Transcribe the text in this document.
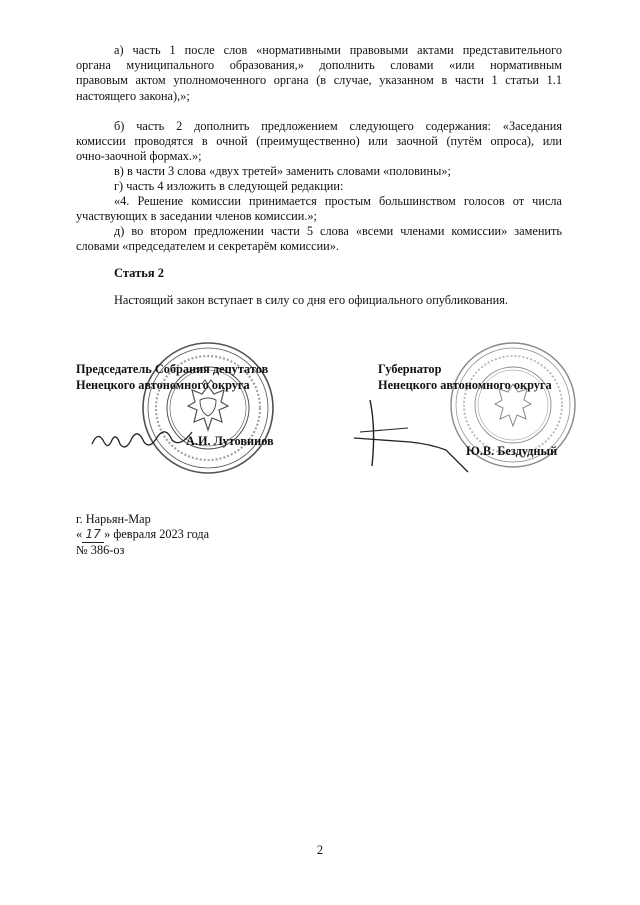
а) часть 1 после слов «нормативными правовыми актами представительного
органа муниципального образования,» дополнить словами «или нормативным
правовым актом уполномоченного органа (в случае, указанном в части 1 статьи 1.1
настоящего закона),»;
б) часть 2 дополнить предложением следующего содержания: «Заседания
комиссии проводятся в очной (преимущественно) или заочной (путём опроса), или
очно-заочной формах.»;
в) в части 3 слова «двух третей» заменить словами «половины»;
г) часть 4 изложить в следующей редакции:
«4. Решение комиссии принимается простым большинством голосов от числа
участвующих в заседании членов комиссии.»;
д) во втором предложении части 5 слова «всеми членами комиссии» заменить
словами «председателем и секретарём комиссии».
Статья 2
Настоящий закон вступает в силу со дня его официального опубликования.
Председатель Собрания депутатов
Ненецкого автономного округа
А.И. Лутовинов
Губернатор
Ненецкого автономного округа
Ю.В. Бездудный
г. Нарьян-Мар
« 17 » февраля 2023 года
№ 386-оз
2
